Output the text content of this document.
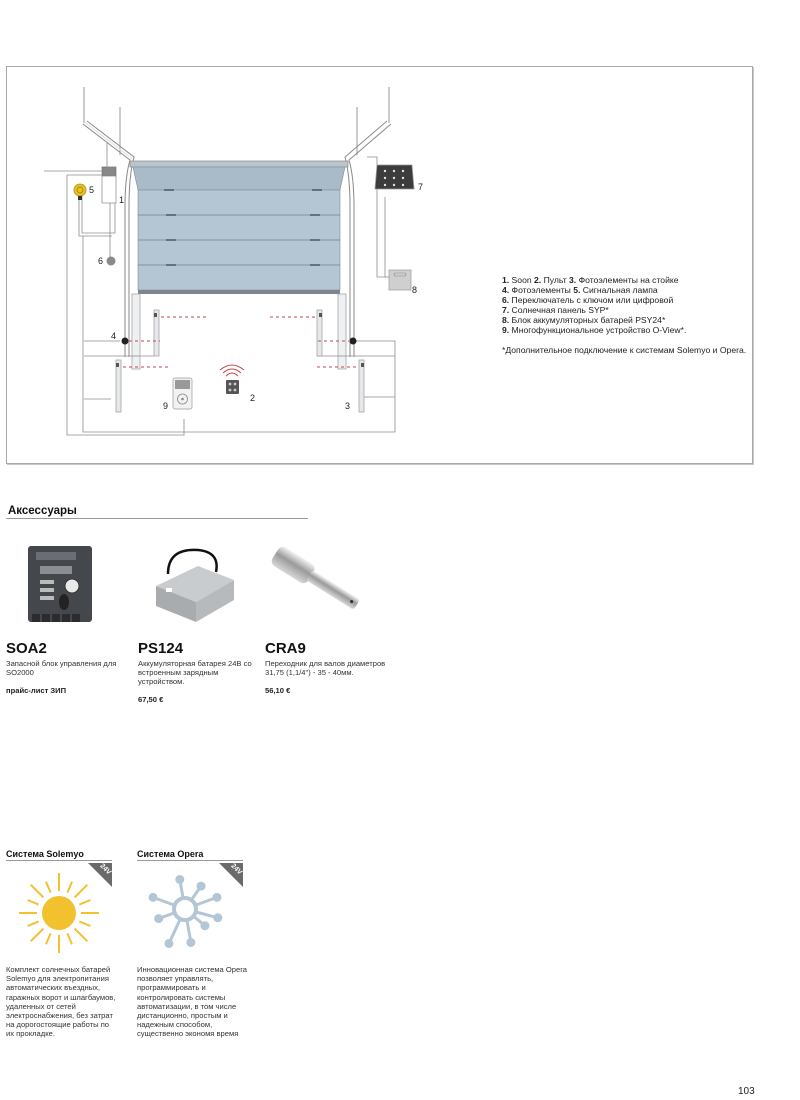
1
2
3
4
5
6
7
8
9

1. Soon 2. Пульт 3. Фотоэлементы на стойке

4. Фотоэлементы 5. Сигнальная лампа

6. Переключатель с ключом или цифровой

7. Солнечная панель SYP*

8. Блок аккумуляторных батарей PSY24*

9. Многофункциональное устройство O-View*.

*Дополнительное подключение к системам Solemyo и Opera.

Аксессуары
SOA2
Запасной блок управления для SO2000
прайс-лист ЗИП
PS124
Аккумуляторная батарея 24В со встроенным зарядным устройством.
67,50 €
CRA9
Переходник для валов диаметров 31,75 (1,1/4") - 35 - 40мм.
56,10 €
Система Solemyo
24V
Комплект солнечных батарей Solemyo для электропитания автоматических въездных, гаражных ворот и шлагбаумов, удаленных от сетей электроснабжения, без затрат на дорогостоящие работы по их прокладке.
Система Opera
24V
Инновационная система Opera позволяет управлять, программировать и контролировать системы автоматизации, в том числе дистанционно, простым и надежным способом, существенно экономя время
103
